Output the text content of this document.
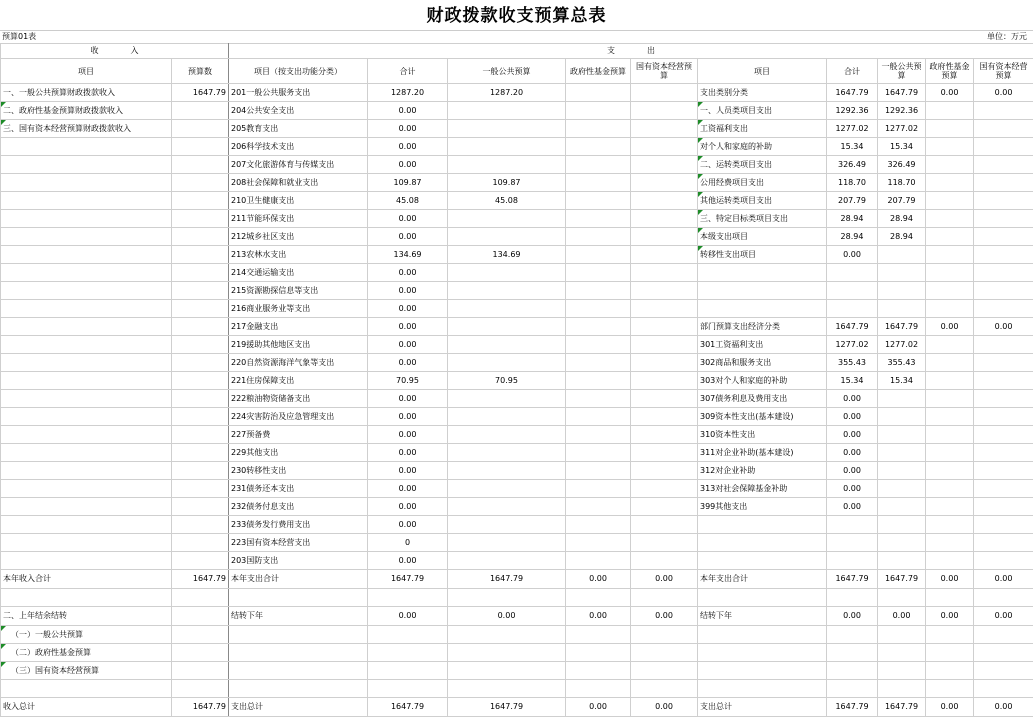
财政拨款收支预算总表
预算01表	单位：万元
收　　　　入		支　　　　出									
项目	预算数	项目（按支出功能分类）	合计	一般公共预算	政府性基金预算	国有资本经营预算	项目	合计	一般公共预算	政府性基金预算	国有资本经营预算
一、一般公共预算财政拨款收入	1647.79	201一般公共服务支出	1287.20	1287.20			支出类别分类	1647.79	1647.79	0.00	0.00
二、政府性基金预算财政拨款收入		204公共安全支出	0.00				一、人员类项目支出	1292.36	1292.36		
三、国有资本经营预算财政拨款收入		205教育支出	0.00				工资福利支出	1277.02	1277.02		
		206科学技术支出	0.00				对个人和家庭的补助	15.34	15.34		
		207文化旅游体育与传媒支出	0.00				二、运转类项目支出	326.49	326.49		
		208社会保障和就业支出	109.87	109.87			公用经费项目支出	118.70	118.70		
		210卫生健康支出	45.08	45.08			其他运转类项目支出	207.79	207.79		
		211节能环保支出	0.00				三、特定目标类项目支出	28.94	28.94		
		212城乡社区支出	0.00				本级支出项目	28.94	28.94		
		213农林水支出	134.69	134.69			转移性支出项目	0.00			
		214交通运输支出	0.00								
		215资源勘探信息等支出	0.00								
		216商业服务业等支出	0.00								
		217金融支出	0.00				部门预算支出经济分类	1647.79	1647.79	0.00	0.00
		219援助其他地区支出	0.00				301工资福利支出	1277.02	1277.02		
		220自然资源海洋气象等支出	0.00				302商品和服务支出	355.43	355.43		
		221住房保障支出	70.95	70.95			303对个人和家庭的补助	15.34	15.34		
		222粮油物资储备支出	0.00				307债务利息及费用支出	0.00			
		224灾害防治及应急管理支出	0.00				309资本性支出(基本建设)	0.00			
		227预备费	0.00				310资本性支出	0.00			
		229其他支出	0.00				311对企业补助(基本建设)	0.00			
		230转移性支出	0.00				312对企业补助	0.00			
		231债务还本支出	0.00				313对社会保障基金补助	0.00			
		232债务付息支出	0.00				399其他支出	0.00			
		233债务发行费用支出	0.00								
		223国有资本经营支出	0								
		203国防支出	0.00								
本年收入合计	1647.79	本年支出合计	1647.79	1647.79	0.00	0.00	本年支出合计	1647.79	1647.79	0.00	0.00

二、上年结余结转		结转下年	0.00	0.00	0.00	0.00	结转下年	0.00	0.00	0.00	0.00
（一）一般公共预算											
（二）政府性基金预算											
（三）国有资本经营预算											

收入总计	1647.79	支出总计	1647.79	1647.79	0.00	0.00	支出总计	1647.79	1647.79	0.00	0.00
